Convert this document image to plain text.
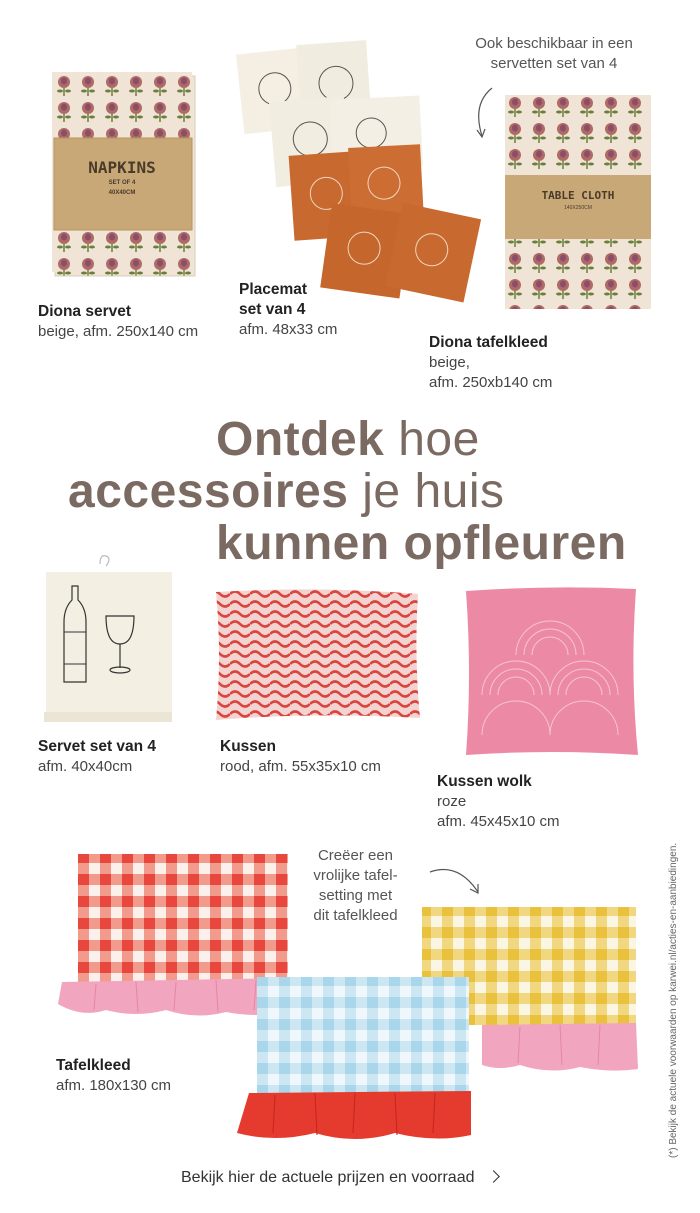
NAPKINS
SET OF 4
40X40CM
Ook beschikbaar in een
servetten set van 4
TABLE CLOTH
140X250CM
Diona servet
beige, afm. 250x140 cm
Placemat
set van 4
afm. 48x33 cm
Diona tafelkleed
beige,
afm. 250xb140 cm
Ontdek hoe
accessoires je huis
kunnen opfleuren
Servet set van 4
afm. 40x40cm
Kussen
rood, afm. 55x35x10 cm
Kussen wolk
roze
afm. 45x45x10 cm
Creëer een
vrolijke tafel-
setting met
dit tafelkleed
Tafelkleed
afm. 180x130 cm
Bekijk hier de actuele prijzen en voorraad
(*) Bekijk de actuele voorwaarden op karwei.nl/acties-en-aanbiedingen.
